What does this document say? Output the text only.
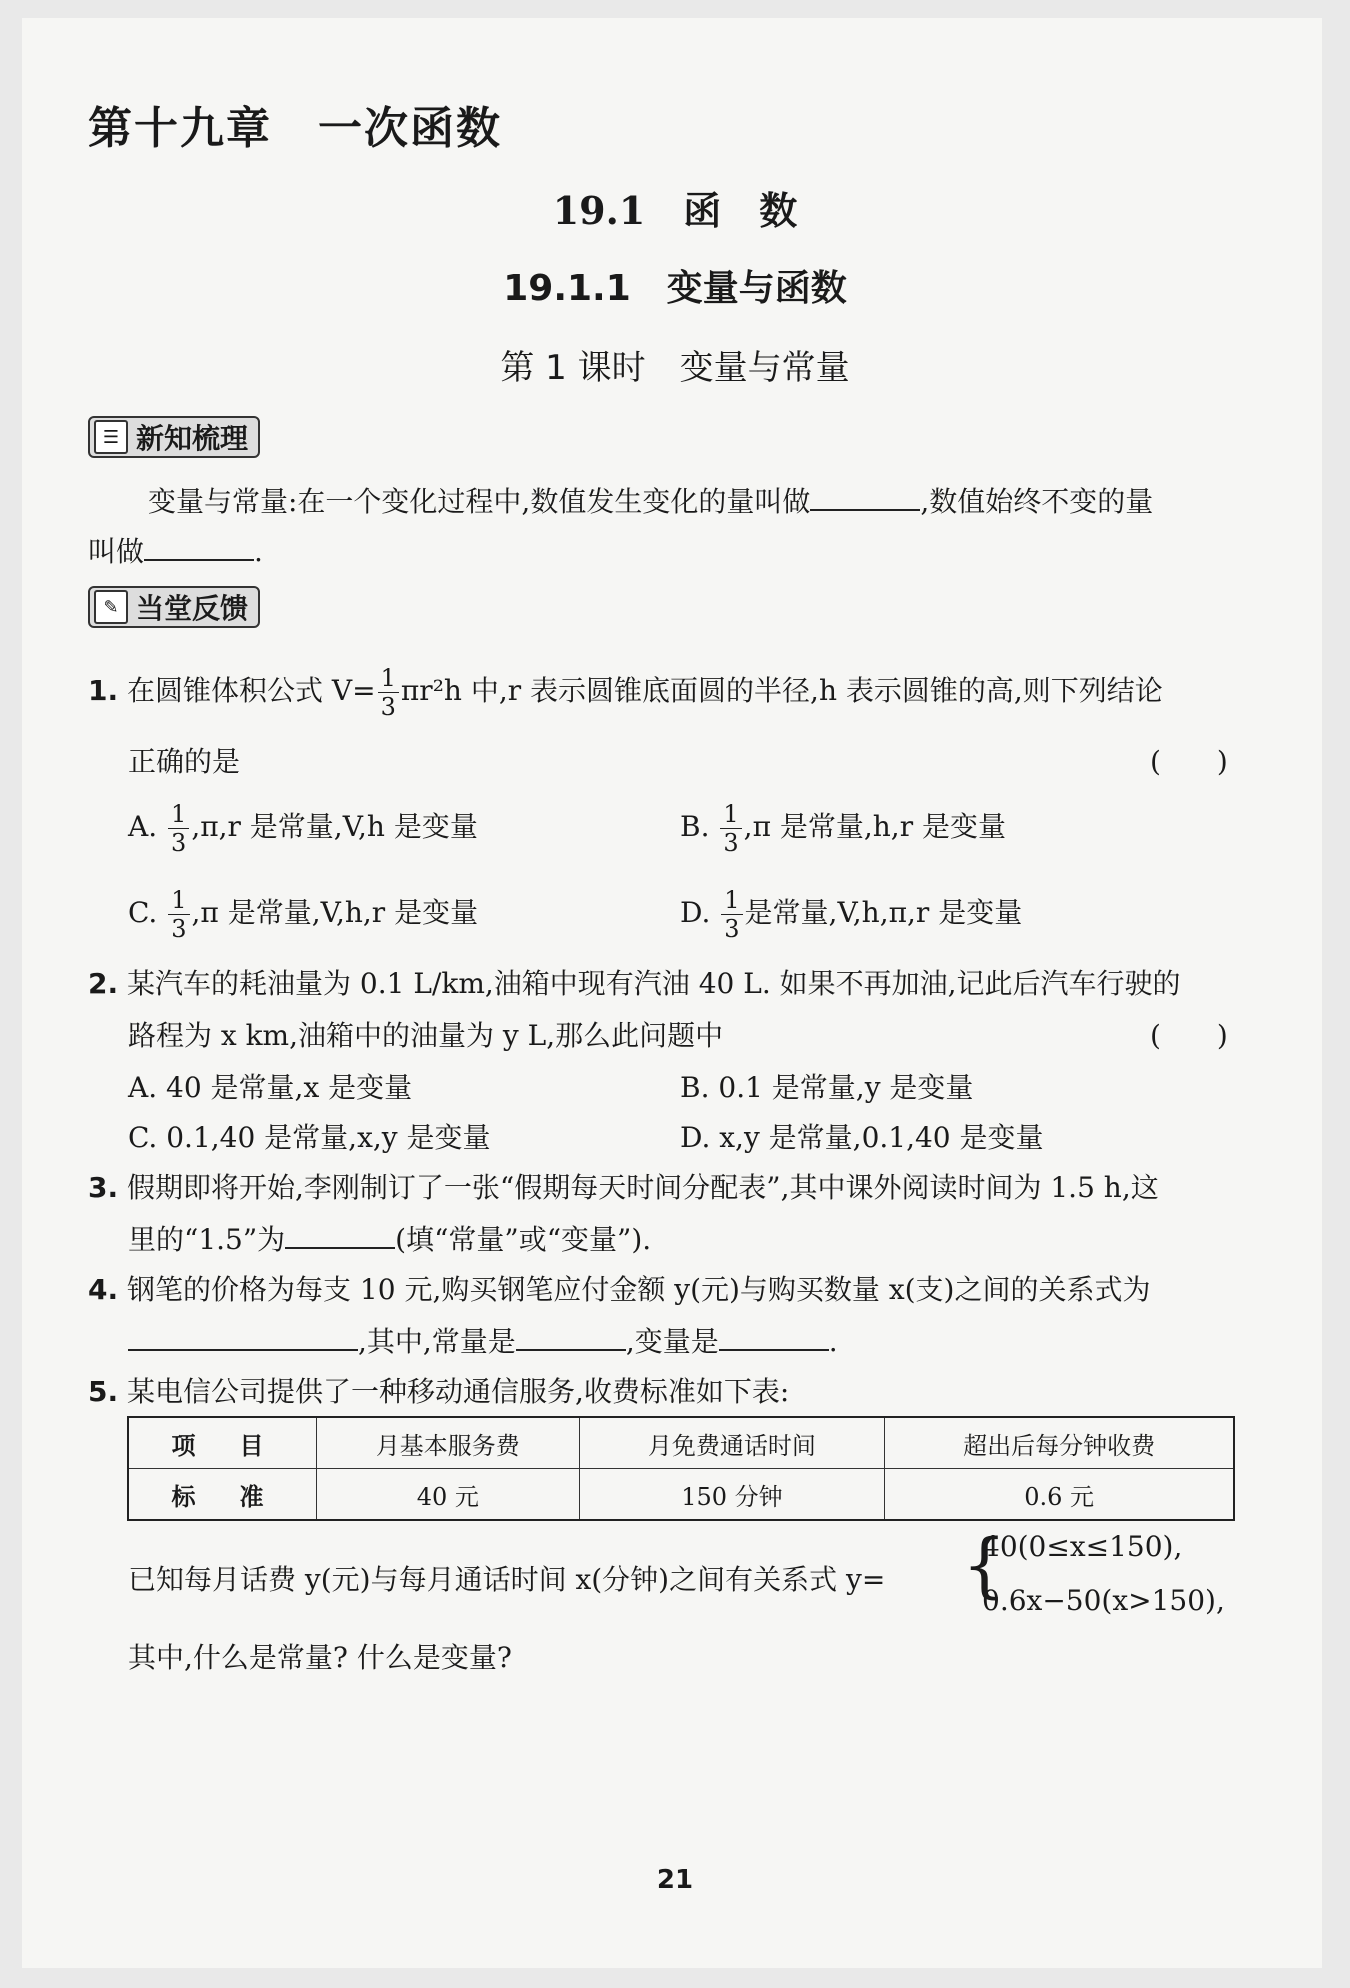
第十九章　一次函数
19.1　函　数
19.1.1　变量与函数
第 1 课时　变量与常量
☰ 新知梳理
变量与常量:在一个变化过程中,数值发生变化的量叫做	,数值始终不变的量
叫做	.
✎ 当堂反馈
1. 在圆锥体积公式 $V= \frac{1}{3} \pi r^2h$ 中,r 表示圆锥底面圆的半径,h 表示圆锥的高,则下列结论
正确的是	(　　)
A. $\frac{1}{3} ,\pi,r$ 是常量,V,h 是变量	B. $\frac{1}{3} ,\pi$ 是常量,h,r 是变量
C. $\frac{1}{3} ,\pi$ 是常量,V,h,r 是变量	D. $\frac{1}{3}$ 是常量,V,h,π,r 是变量
2. 某汽车的耗油量为 0.1 L/km,油箱中现有汽油 40 L. 如果不再加油,记此后汽车行驶的
路程为 x km,油箱中的油量为 y L,那么此问题中	(　　)
A. 40 是常量,x 是变量	B. 0.1 是常量,y 是变量
C. 0.1,40 是常量,x,y 是变量	D. x,y 是常量,0.1,40 是变量
3. 假期即将开始,李刚制订了一张“假期每天时间分配表”,其中课外阅读时间为 1.5 h,这
里的“1.5”为	(填“常量”或“变量”).
4. 钢笔的价格为每支 10 元,购买钢笔应付金额 y(元)与购买数量 x(支)之间的关系式为
,其中,常量是	,变量是	.
5. 某电信公司提供了一种移动通信服务,收费标准如下表:
项　目	月基本服务费	月免费通话时间	超出后每分钟收费
标　准	40 元	150 分钟	0.6 元
已知每月话费 y(元)与每月通话时间 x(分钟)之间有关系式 y= {
40(0≤x≤150),
0.6x−50(x>150),
其中,什么是常量? 什么是变量?
21
